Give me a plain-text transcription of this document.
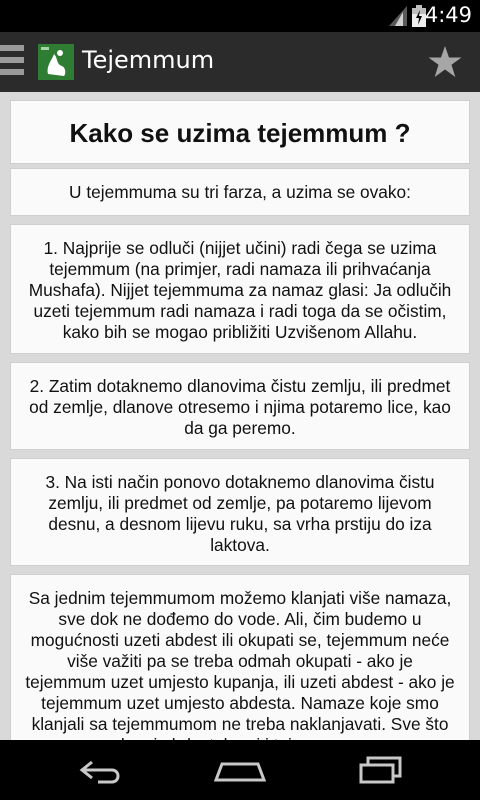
4:49
Tejemmum
Kako se uzima tejemmum ?
U tejemmuma su tri farza, a uzima se ovako:
1. Najprije se odluči (nijjet učini) radi čega se uzima tejemmum (na primjer, radi namaza ili prihvaćanja Mushafa). Nijjet tejemmuma za namaz glasi: Ja odlučih uzeti tejemmum radi namaza i radi toga da se očistim, kako bih se mogao približiti Uzvišenom Allahu.
2. Zatim dotaknemo dlanovima čistu zemlju, ili predmet od zemlje, dlanove otresemo i njima potaremo lice, kao da ga peremo.
3. Na isti način ponovo dotaknemo dlanovima čistu zemlju, ili predmet od zemlje, pa potaremo lijevom desnu, a desnom lijevu ruku, sa vrha prstiju do iza laktova.
Sa jednim tejemmumom možemo klanjati više namaza, sve dok ne dođemo do vode. Ali, čim budemo u mogućnosti uzeti abdest ili okupati se, tejemmum neće više važiti pa se treba odmah okupati - ako je tejemmum uzet umjesto kupanja, ili uzeti abdest - ako je tejemmum uzet umjesto abdesta. Namaze koje smo klanjali sa tejemmumom ne treba naklanjavati. Sve što
